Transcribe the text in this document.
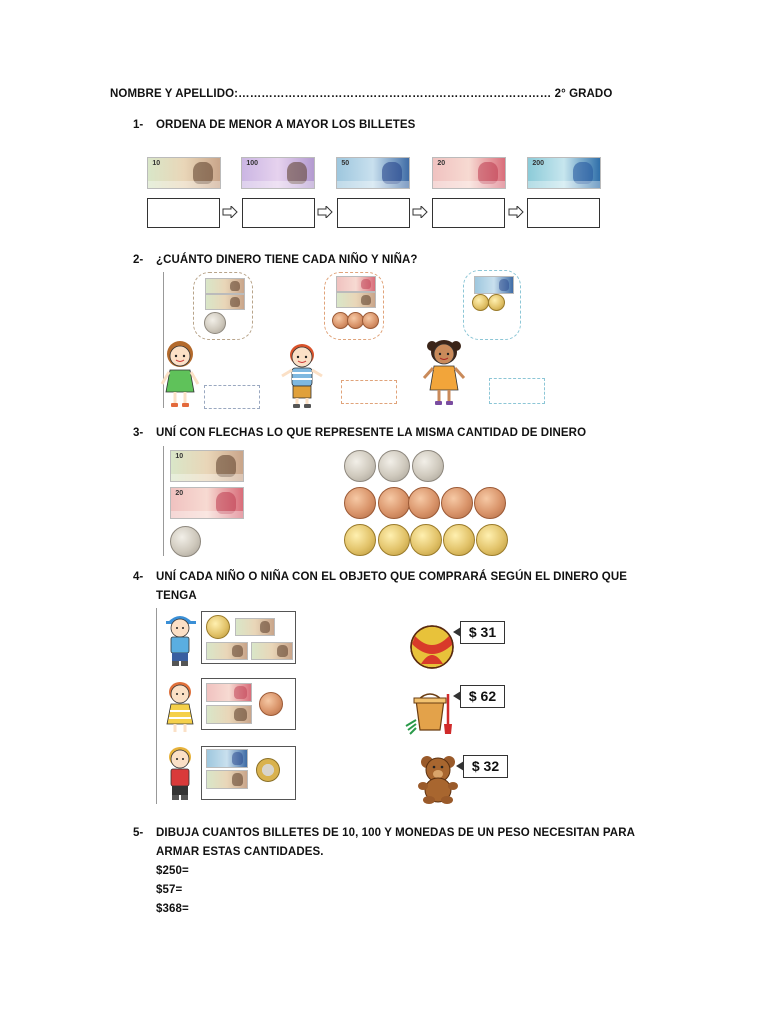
NOMBRE Y APELLIDO:……………………………………………………………………… 2° GRADO
1- ORDENA DE MENOR A MAYOR LOS BILLETES
10	100	50	20	200
2- ¿CUÁNTO DINERO TIENE CADA NIÑO Y NIÑA?
3- UNÍ CON FLECHAS LO QUE REPRESENTE LA MISMA CANTIDAD DE DINERO
10
20
4- UNÍ CADA NIÑO O NIÑA CON EL OBJETO QUE COMPRARÁ SEGÚN EL DINERO QUE
TENGA
$ 31
$ 62
$ 32
5- DIBUJA CUANTOS BILLETES DE 10, 100 Y MONEDAS DE UN PESO NECESITAN PARA
ARMAR ESTAS CANTIDADES.
$250=
$57=
$368=
